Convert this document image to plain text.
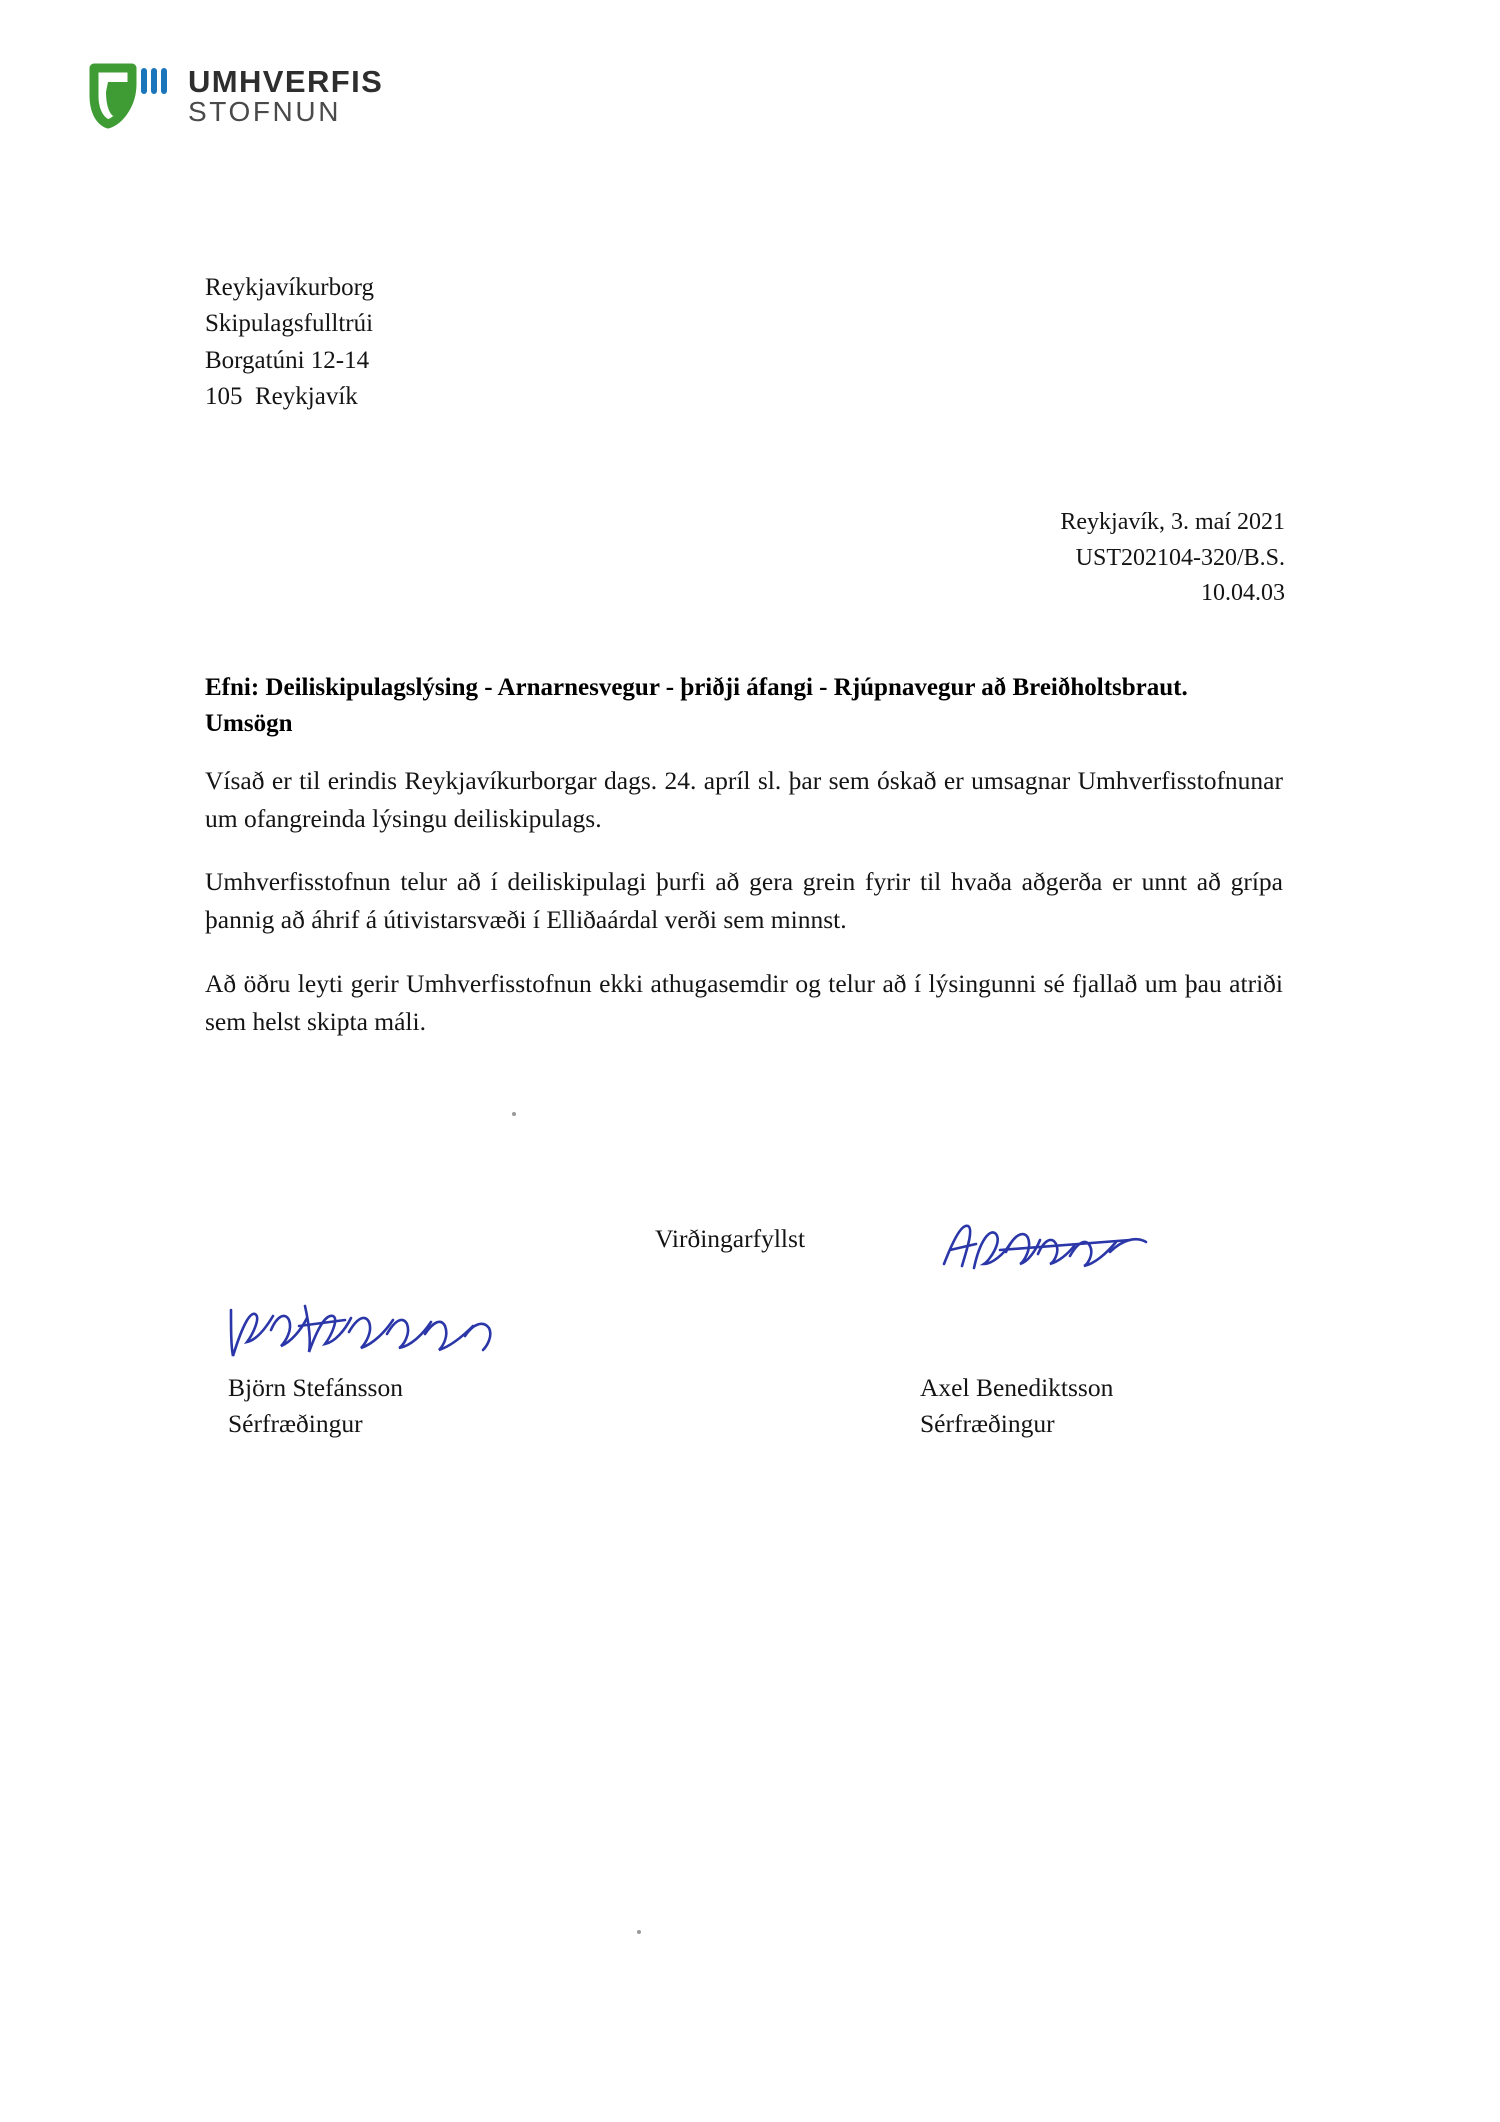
UMHVERFIS
STOFNUN
Reykjavíkurborg
Skipulagsfulltrúi
Borgatúni 12-14
105  Reykjavík
Reykjavík, 3. maí 2021
UST202104-320/B.S.
10.04.03
Efni: Deiliskipulagslýsing - Arnarnesvegur - þriðji áfangi - Rjúpnavegur að Breiðholtsbraut. Umsögn

Vísað er til erindis Reykjavíkurborgar dags. 24. apríl sl. þar sem óskað er umsagnar Umhverfisstofnunar um ofangreinda lýsingu deiliskipulags.

Umhverfisstofnun telur að í deiliskipulagi þurfi að gera grein fyrir til hvaða aðgerða er unnt að grípa þannig að áhrif á útivistarsvæði í Elliðaárdal verði sem minnst.

Að öðru leyti gerir Umhverfisstofnun ekki athugasemdir og telur að í lýsingunni sé fjallað um þau atriði sem helst skipta máli.

Virðingarfyllst
Björn Stefánsson
Sérfræðingur
Axel Benediktsson
Sérfræðingur
